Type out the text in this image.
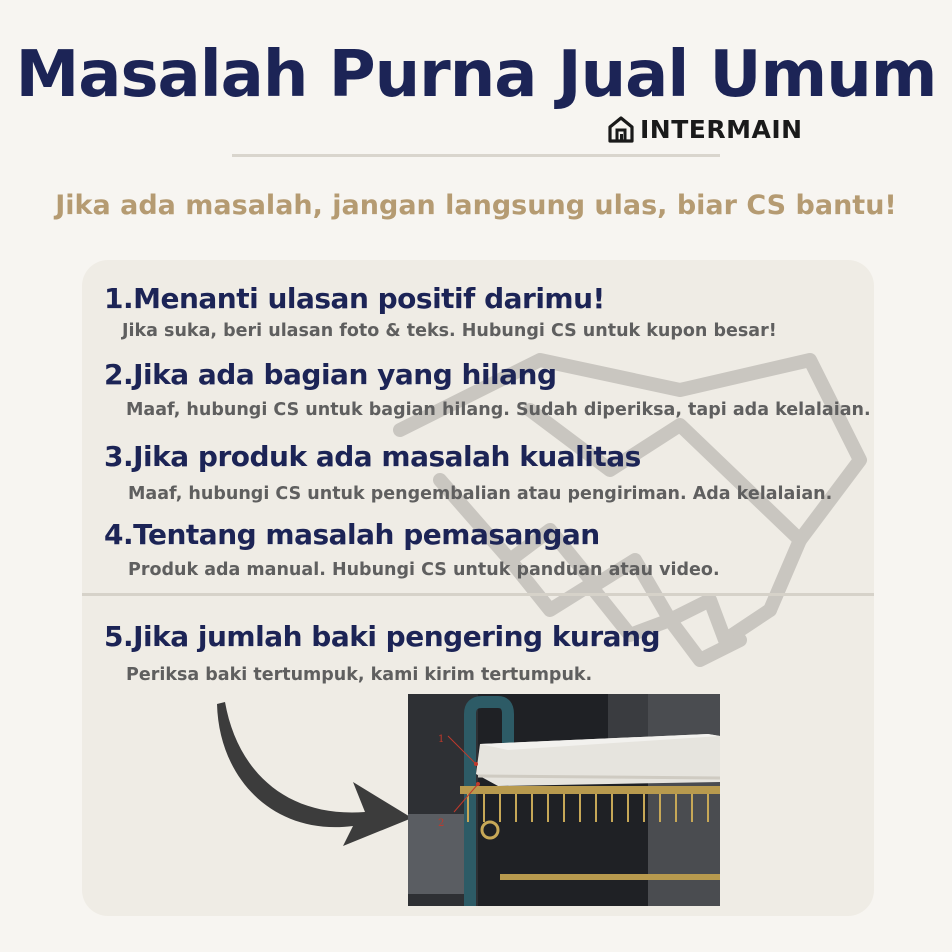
Masalah Purna Jual Umum
INTERMAIN
Jika ada masalah, jangan langsung ulas, biar CS bantu!
1.Menanti ulasan positif darimu!
Jika suka, beri ulasan foto & teks. Hubungi CS untuk kupon besar!
2.Jika ada bagian yang hilang
Maaf, hubungi CS untuk bagian hilang. Sudah diperiksa, tapi ada kelalaian.
3.Jika produk ada masalah kualitas
Maaf, hubungi CS untuk pengembalian atau pengiriman. Ada kelalaian.
4.Tentang masalah pemasangan
Produk ada manual. Hubungi CS untuk panduan atau video.
5.Jika jumlah baki pengering kurang
Periksa baki tertumpuk, kami kirim tertumpuk.
1
2
